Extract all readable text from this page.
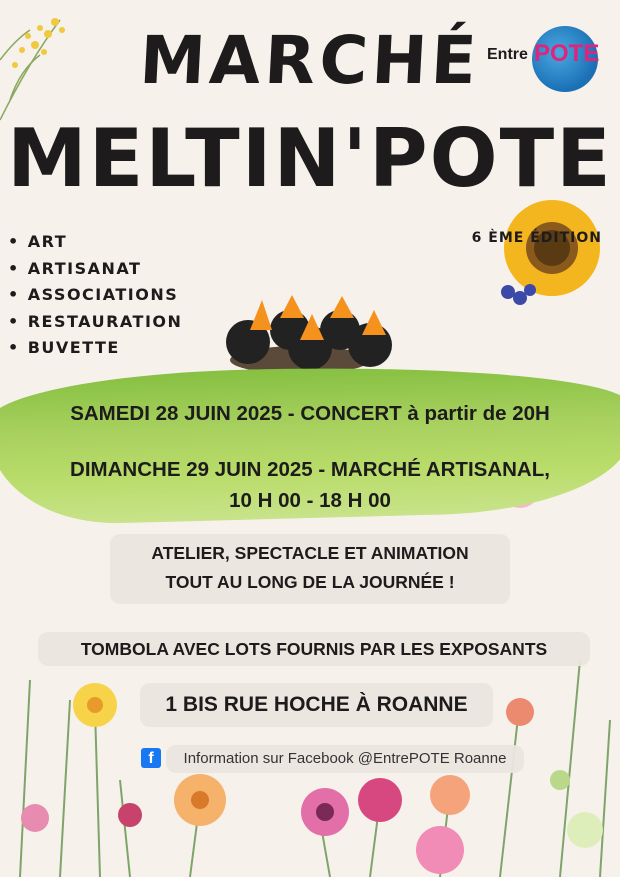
Entre POTE
MARCHÉ
MELTIN'POTE
6 ÈME ÉDITION
• ART
• ARTISANAT
• ASSOCIATIONS
• RESTAURATION
• BUVETTE
SAMEDI 28 JUIN 2025 - CONCERT à partir de 20H
DIMANCHE 29 JUIN 2025 - MARCHÉ ARTISANAL,
10 H 00 - 18 H 00
ATELIER, SPECTACLE ET ANIMATION
TOUT AU LONG DE LA JOURNÉE !
TOMBOLA AVEC LOTS FOURNIS PAR LES EXPOSANTS
1 BIS RUE HOCHE À ROANNE
f	Information sur Facebook @EntrePOTE Roanne
